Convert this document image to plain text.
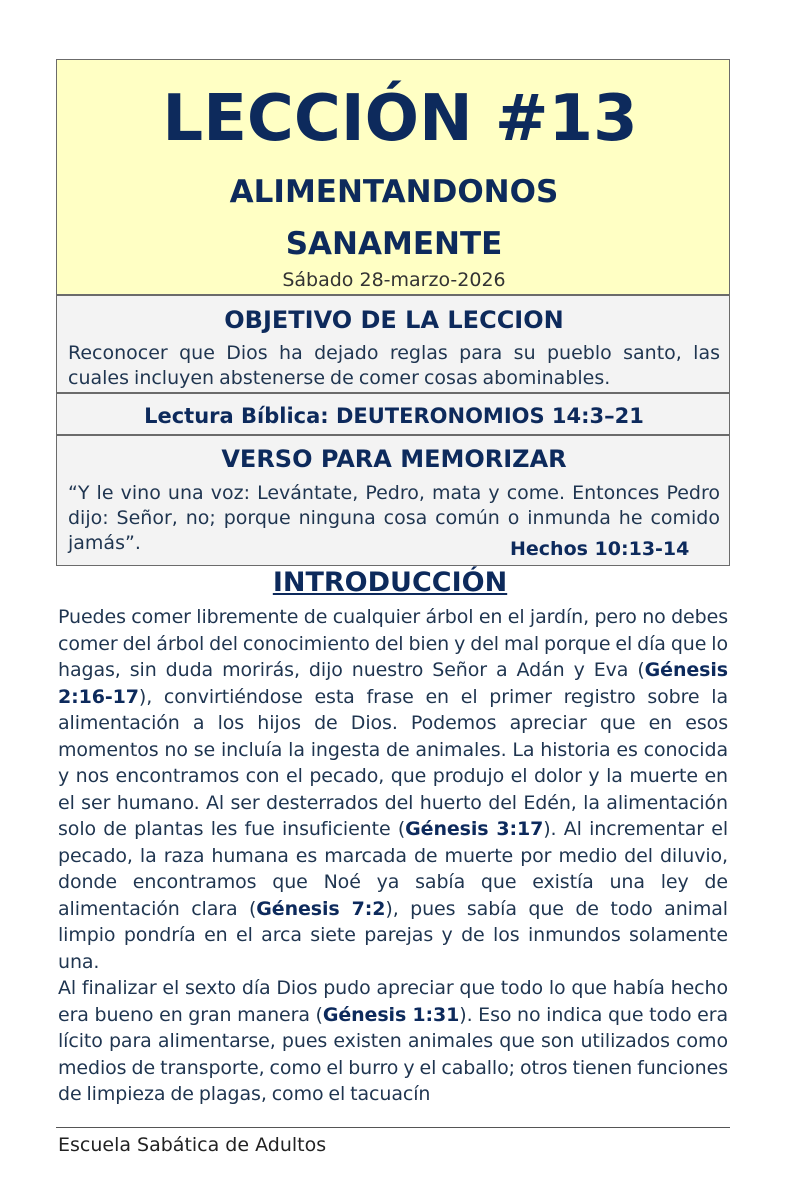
LECCIÓN #13
ALIMENTANDONOS
SANAMENTE
Sábado 28-marzo-2026
OBJETIVO DE LA LECCION
Reconocer que Dios ha dejado reglas para su pueblo santo, las cuales incluyen abstenerse de comer cosas abominables.
Lectura Bíblica: DEUTERONOMIOS 14:3–21
VERSO PARA MEMORIZAR
“Y le vino una voz: Levántate, Pedro, mata y come. Entonces Pedro dijo: Señor, no; porque ninguna cosa común o inmunda he comido jamás”.	Hechos 10:13-14
INTRODUCCIÓN

Puedes comer libremente de cualquier árbol en el jardín, pero no debes comer del árbol del conocimiento del bien y del mal porque el día que lo hagas, sin duda morirás, dijo nuestro Señor a Adán y Eva (Génesis 2:16-17), convirtiéndose esta frase en el primer registro sobre la alimentación a los hijos de Dios. Podemos apreciar que en esos momentos no se incluía la ingesta de animales. La historia es conocida y nos encontramos con el pecado, que produjo el dolor y la muerte en el ser humano. Al ser desterrados del huerto del Edén, la alimentación solo de plantas les fue insuficiente (Génesis 3:17). Al incrementar el pecado, la raza humana es marcada de muerte por medio del diluvio, donde encontramos que Noé ya sabía que existía una ley de alimentación clara (Génesis 7:2), pues sabía que de todo animal limpio pondría en el arca siete parejas y de los inmundos solamente una.

Al finalizar el sexto día Dios pudo apreciar que todo lo que había hecho era bueno en gran manera (Génesis 1:31). Eso no indica que todo era lícito para alimentarse, pues existen animales que son utilizados como medios de transporte, como el burro y el caballo; otros tienen funciones de limpieza de plagas, como el tacuacín

Escuela Sabática de Adultos
